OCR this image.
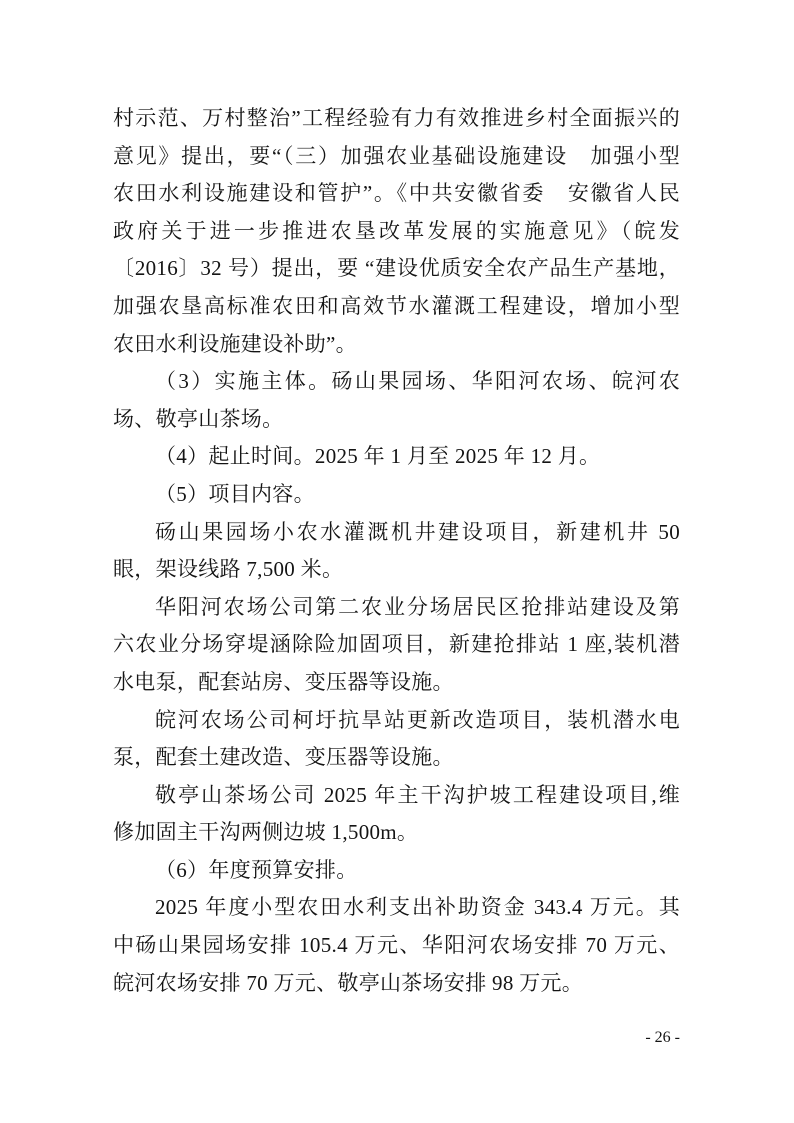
村示范、万村整治”工程经验有力有效推进乡村全面振兴的
意见》提出，要“（三）加强农业基础设施建设　加强小型
农田水利设施建设和管护”。《中共安徽省委　安徽省人民
政府关于进一步推进农垦改革发展的实施意见》（皖发
〔2016〕32 号）提出，要 “建设优质安全农产品生产基地，
加强农垦高标准农田和高效节水灌溉工程建设，增加小型
农田水利设施建设补助”。
（3）实施主体。砀山果园场、华阳河农场、皖河农
场、敬亭山茶场。
（4）起止时间。2025 年 1 月至 2025 年 12 月。
（5）项目内容。
砀山果园场小农水灌溉机井建设项目，新建机井 50
眼，架设线路 7,500 米。
华阳河农场公司第二农业分场居民区抢排站建设及第
六农业分场穿堤涵除险加固项目，新建抢排站 1 座,装机潜
水电泵，配套站房、变压器等设施。
皖河农场公司柯圩抗旱站更新改造项目，装机潜水电
泵，配套土建改造、变压器等设施。
敬亭山茶场公司 2025 年主干沟护坡工程建设项目,维
修加固主干沟两侧边坡 1,500m。
（6）年度预算安排。
2025 年度小型农田水利支出补助资金 343.4 万元。其
中砀山果园场安排 105.4 万元、华阳河农场安排 70 万元、
皖河农场安排 70 万元、敬亭山茶场安排 98 万元。
- 26 -
